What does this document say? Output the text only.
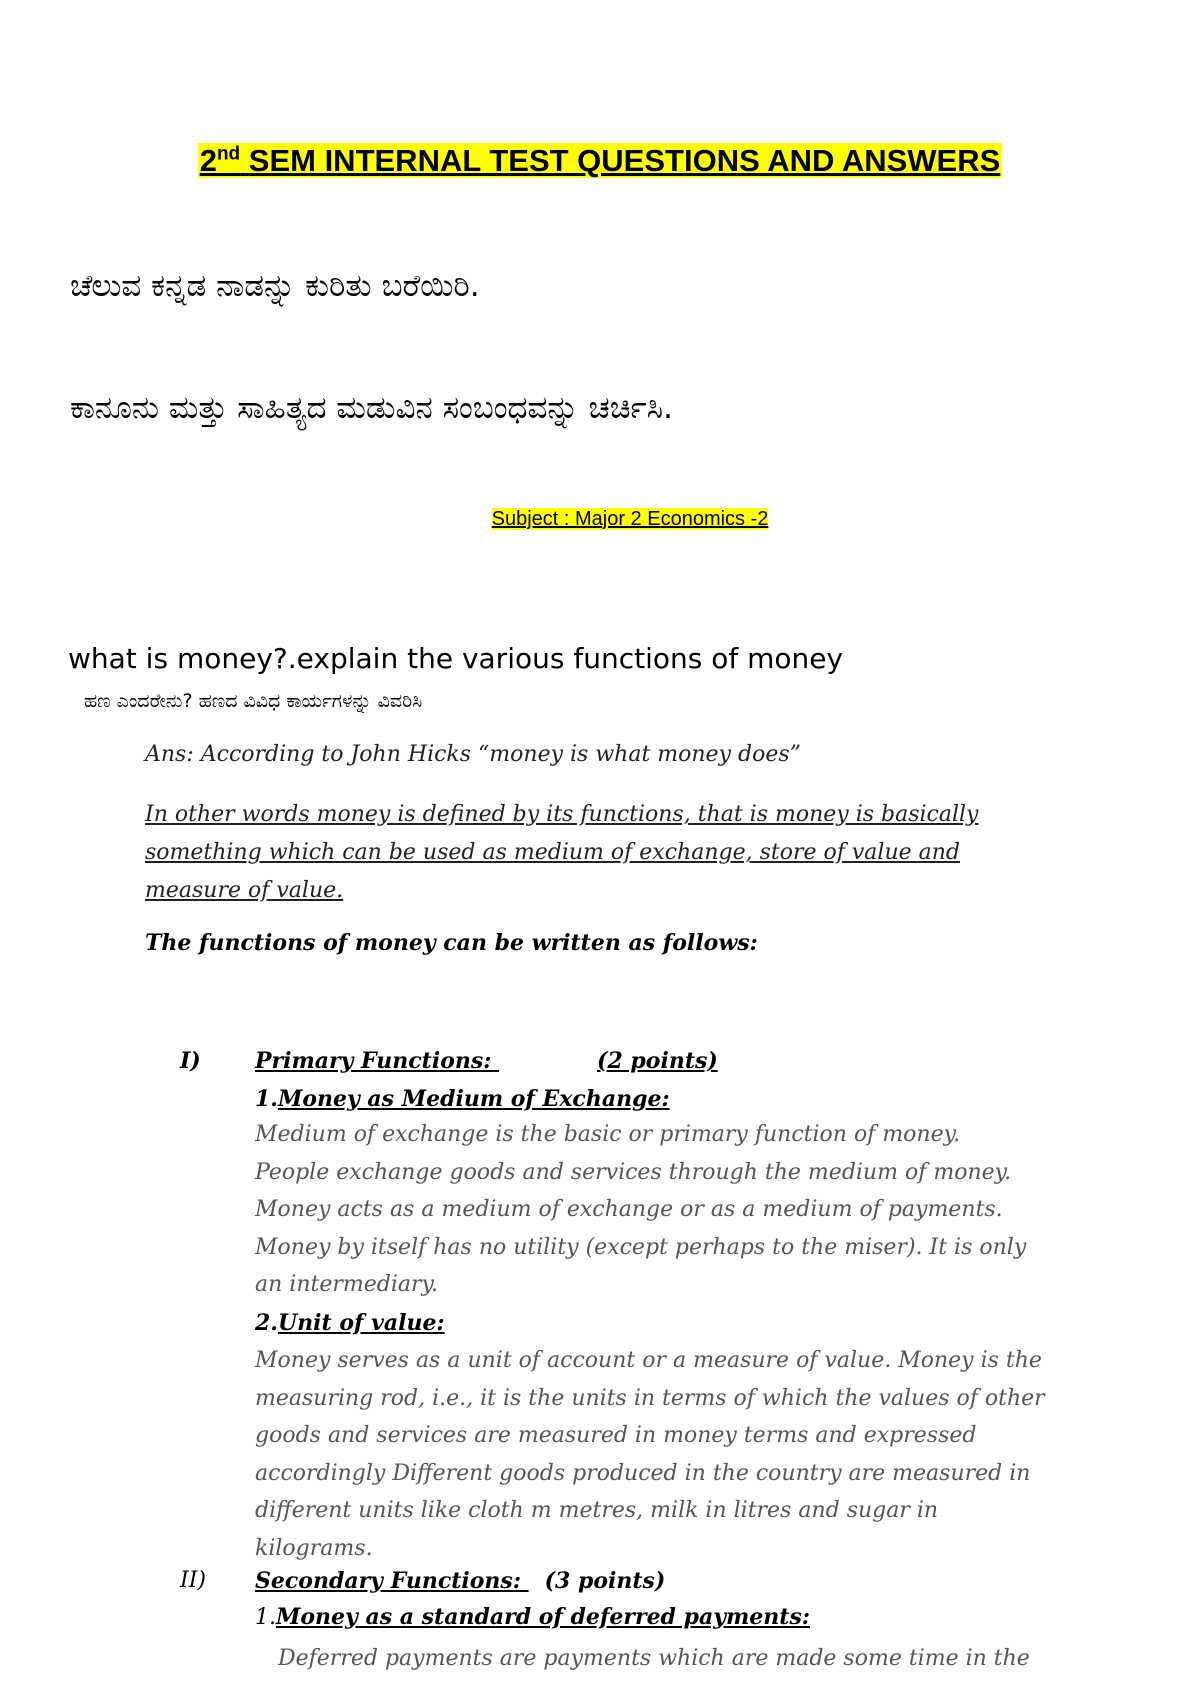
2nd SEM INTERNAL TEST QUESTIONS AND ANSWERS
ಚೆಲುವ ಕನ್ನಡ ನಾಡನ್ನು ಕುರಿತು ಬರೆಯಿರಿ.
ಕಾನೂನು ಮತ್ತು ಸಾಹಿತ್ಯದ ಮಡುವಿನ ಸಂಬಂಧವನ್ನು ಚರ್ಚಿಸಿ.
Subject : Major 2 Economics -2
what is money?.explain the various functions of money
ಹಣ ಎಂದರೇನು? ಹಣದ ವಿವಿಧ ಕಾರ್ಯಗಳನ್ನು ವಿವರಿಸಿ
Ans: According to John Hicks “money is what money does”
In other words money is defined by its functions, that is money is basically
something which can be used as medium of exchange, store of value and
measure of value.
The functions of money can be written as follows:
I) Primary Functions:	(2 points)
1.Money as Medium of Exchange:
Medium of exchange is the basic or primary function of money.
People exchange goods and services through the medium of money.
Money acts as a medium of exchange or as a medium of payments.
Money by itself has no utility (except perhaps to the miser). It is only
an intermediary.
2.Unit of value:
Money serves as a unit of account or a measure of value. Money is the
measuring rod, i.e., it is the units in terms of which the values of other
goods and services are measured in money terms and expressed
accordingly Different goods produced in the country are measured in
different units like cloth m metres, milk in litres and sugar in
kilograms.
II) Secondary Functions: (3 points)
1.Money as a standard of deferred payments:
Deferred payments are payments which are made some time in the
